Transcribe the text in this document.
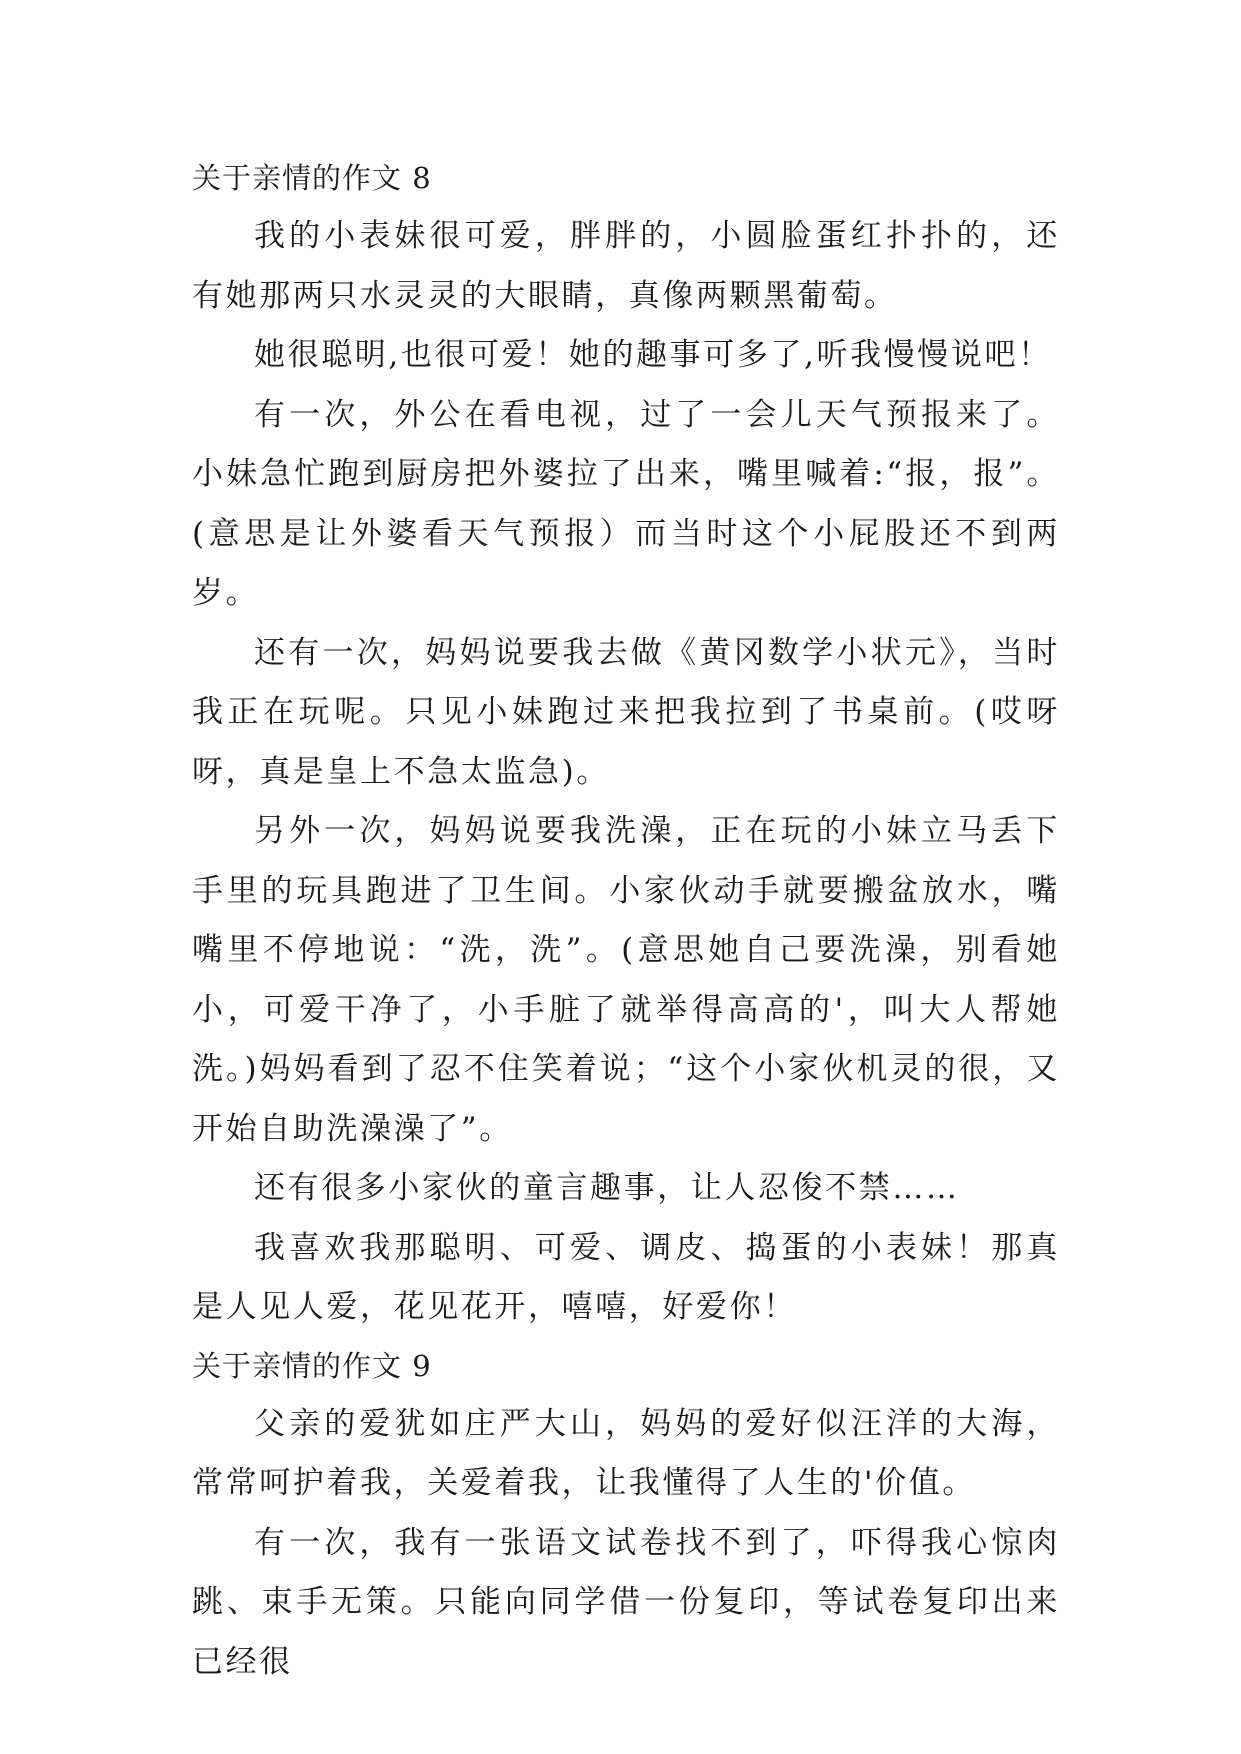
关于亲情的作文 8

我的小表妹很可爱，胖胖的，小圆脸蛋红扑扑的，还有她那两只水灵灵的大眼睛，真像两颗黑葡萄。

她很聪明,也很可爱！她的趣事可多了,听我慢慢说吧！

有一次，外公在看电视，过了一会儿天气预报来了。小妹急忙跑到厨房把外婆拉了出来，嘴里喊着:“报，报”。(意思是让外婆看天气预报）而当时这个小屁股还不到两岁。

还有一次，妈妈说要我去做《黄冈数学小状元》，当时我正在玩呢。只见小妹跑过来把我拉到了书桌前。(哎呀呀，真是皇上不急太监急)。

另外一次，妈妈说要我洗澡，正在玩的小妹立马丢下手里的玩具跑进了卫生间。小家伙动手就要搬盆放水，嘴嘴里不停地说：“洗，洗”。(意思她自己要洗澡，别看她小，可爱干净了，小手脏了就举得高高的'，叫大人帮她洗。)妈妈看到了忍不住笑着说；“这个小家伙机灵的很，又开始自助洗澡澡了”。

还有很多小家伙的童言趣事，让人忍俊不禁……

我喜欢我那聪明、可爱、调皮、捣蛋的小表妹！那真是人见人爱，花见花开，嘻嘻，好爱你！

关于亲情的作文 9

父亲的爱犹如庄严大山，妈妈的爱好似汪洋的大海，常常呵护着我，关爱着我，让我懂得了人生的'价值。

有一次，我有一张语文试卷找不到了，吓得我心惊肉跳、束手无策。只能向同学借一份复印，等试卷复印出来已经很
